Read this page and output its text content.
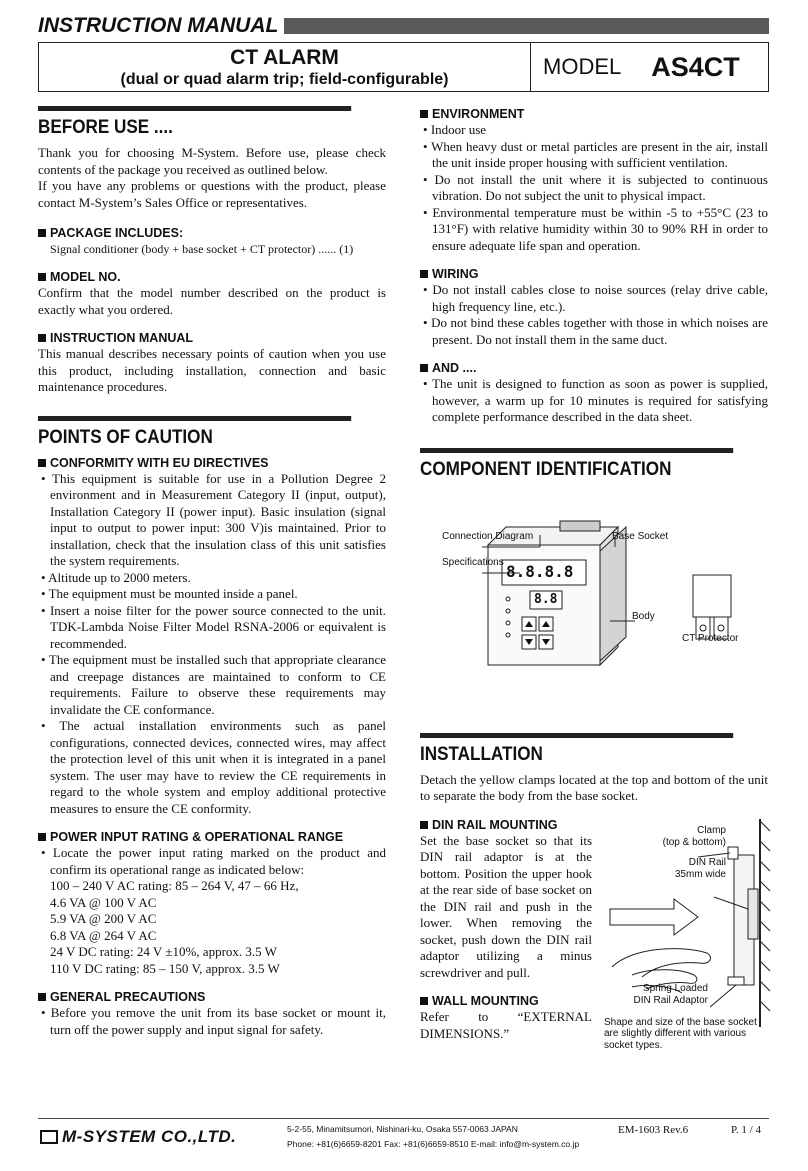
INSTRUCTION MANUAL
CT ALARM
(dual or quad alarm trip; field-configurable)
MODEL AS4CT
BEFORE USE ....
Thank you for choosing M-System. Before use, please check contents of the package you received as outlined below.
If you have any problems or questions with the product, please contact M-System’s Sales Office or representatives.
PACKAGE INCLUDES:
Signal conditioner (body + base socket + CT protector) ...... (1)
MODEL NO.
Confirm that the model number described on the product is exactly what you ordered.
INSTRUCTION MANUAL
This manual describes necessary points of caution when you use this product, including installation, connection and basic maintenance procedures.
POINTS OF CAUTION
CONFORMITY WITH EU DIRECTIVES
• This equipment is suitable for use in a Pollution Degree 2 environment and in Measurement Category II (input, output), Installation Category II (power input). Basic insulation (signal input to output to power input: 300 V)is maintained. Prior to installation, check that the insulation class of this unit satisfies the system requirements.
• Altitude up to 2000 meters.
• The equipment must be mounted inside a panel.
• Insert a noise filter for the power source connected to the unit. TDK-Lambda Noise Filter Model RSNA-2006 or equivalent is recommended.
• The equipment must be installed such that appropriate clearance and creepage distances are maintained to conform to CE requirements. Failure to observe these requirements may invalidate the CE conformance.
• The actual installation environments such as panel configurations, connected devices, connected wires, may affect the protection level of this unit when it is integrated in a panel system. The user may have to review the CE requirements in regard to the whole system and employ additional protective measures to ensure the CE conformity.
POWER INPUT RATING & OPERATIONAL RANGE
• Locate the power input rating marked on the product and confirm its operational range as indicated below:
100 – 240 V AC rating: 85 – 264 V, 47 – 66 Hz,
4.6 VA @ 100 V AC
5.9 VA @ 200 V AC
6.8 VA @ 264 V AC
24 V DC rating: 24 V ±10%, approx. 3.5 W
110 V DC rating: 85 – 150 V, approx. 3.5 W
GENERAL PRECAUTIONS
• Before you remove the unit from its base socket or mount it, turn off the power supply and input signal for safety.
ENVIRONMENT
• Indoor use
• When heavy dust or metal particles are present in the air, install the unit inside proper housing with sufficient ventilation.
• Do not install the unit where it is subjected to continuous vibration. Do not subject the unit to physical impact.
• Environmental temperature must be within -5 to +55°C (23 to 131°F) with relative humidity within 30 to 90% RH in order to ensure adequate life span and operation.
WIRING
• Do not install cables close to noise sources (relay drive cable, high frequency line, etc.).
• Do not bind these cables together with those in which noises are present. Do not install them in the same duct.
AND ....
• The unit is designed to function as soon as power is supplied, however, a warm up for 10 minutes is required for satisfying complete performance described in the data sheet.
COMPONENT IDENTIFICATION
Connection Diagram	Base Socket
Specifications
Body
CT Protector
8.8.8.8
8.8
INSTALLATION
Detach the yellow clamps located at the top and bottom of the unit to separate the body from the base socket.
DIN RAIL MOUNTING
Set the base socket so that its DIN rail adaptor is at the bottom. Position the upper hook at the rear side of base socket on the DIN rail and push in the lower. When removing the socket, push down the DIN rail adaptor utilizing a minus screwdriver and pull.
WALL MOUNTING
Refer to “EXTERNAL DIMENSIONS.”
Clamp
(top & bottom)
DIN Rail
35mm wide
Spring Loaded
DIN Rail Adaptor
Shape and size of the base socket are slightly different with various socket types.
M-SYSTEM CO.,LTD.	5-2-55, Minamitsumori, Nishinari-ku, Osaka 557-0063 JAPAN
Phone: +81(6)6659-8201 Fax: +81(6)6659-8510 E-mail: info@m-system.co.jp
EM-1603 Rev.6	P. 1 / 4
